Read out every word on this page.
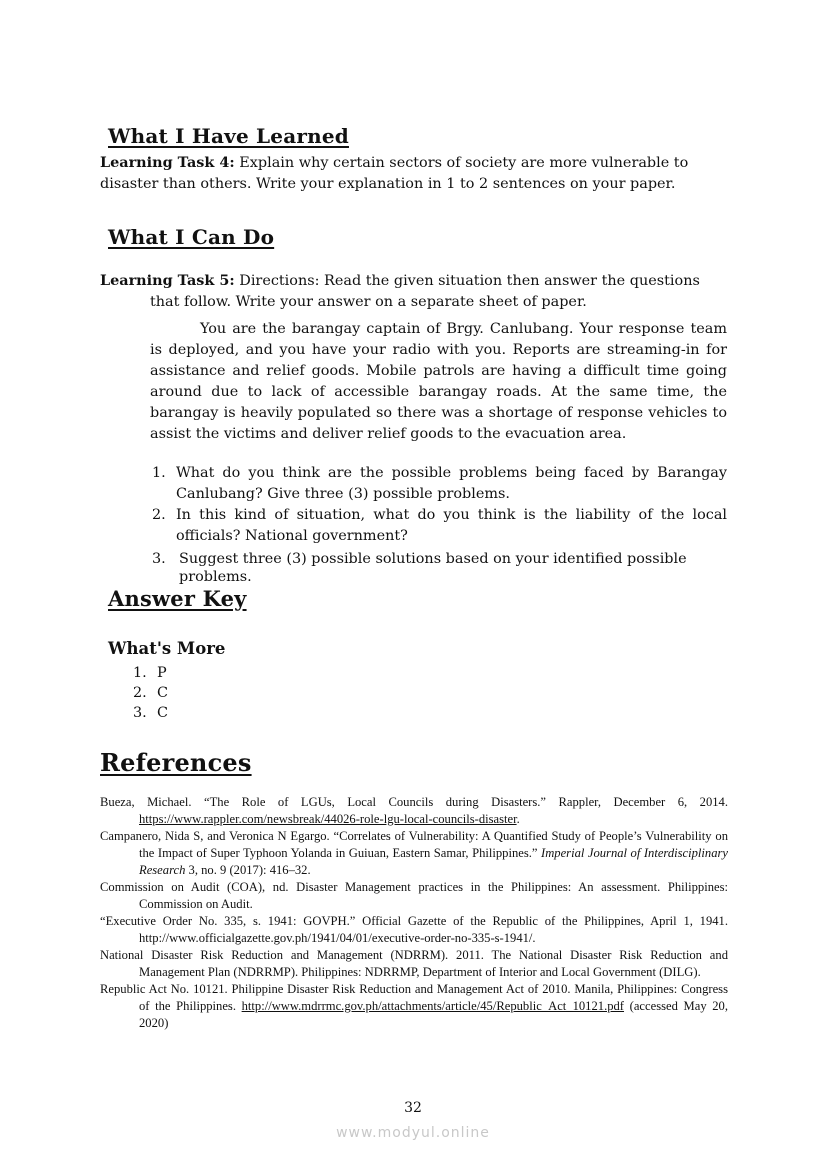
What I Have Learned
Learning Task 4: Explain why certain sectors of society are more vulnerable to disaster than others. Write your explanation in 1 to 2 sentences on your paper.
What I Can Do
Learning Task 5: Directions: Read the given situation then answer the questions that follow. Write your answer on a separate sheet of paper.
You are the barangay captain of Brgy. Canlubang. Your response team is deployed, and you have your radio with you. Reports are streaming-in for assistance and relief goods. Mobile patrols are having a difficult time going around due to lack of accessible barangay roads. At the same time, the barangay is heavily populated so there was a shortage of response vehicles to assist the victims and deliver relief goods to the evacuation area.
1. What do you think are the possible problems being faced by Barangay Canlubang? Give three (3) possible problems.
2. In this kind of situation, what do you think is the liability of the local officials? National government?
3. Suggest three (3) possible solutions based on your identified possible problems.
Answer Key
What's More
1. P
2. C
3. C
References
Bueza, Michael. “The Role of LGUs, Local Councils during Disasters.” Rappler, December 6, 2014. https://www.rappler.com/newsbreak/44026-role-lgu-local-councils-disaster.
Campanero, Nida S, and Veronica N Egargo. “Correlates of Vulnerability: A Quantified Study of People’s Vulnerability on the Impact of Super Typhoon Yolanda in Guiuan, Eastern Samar, Philippines.” Imperial Journal of Interdisciplinary Research 3, no. 9 (2017): 416–32.
Commission on Audit (COA), nd. Disaster Management practices in the Philippines: An assessment. Philippines: Commission on Audit.
“Executive Order No. 335, s. 1941: GOVPH.” Official Gazette of the Republic of the Philippines, April 1, 1941. http://www.officialgazette.gov.ph/1941/04/01/executive-order-no-335-s-1941/.
National Disaster Risk Reduction and Management (NDRRM). 2011. The National Disaster Risk Reduction and Management Plan (NDRRMP). Philippines: NDRRMP, Department of Interior and Local Government (DILG).
Republic Act No. 10121. Philippine Disaster Risk Reduction and Management Act of 2010. Manila, Philippines: Congress of the Philippines. http://www.mdrrmc.gov.ph/attachments/article/45/Republic_Act_10121.pdf (accessed May 20, 2020)
32
www.modyul.online
